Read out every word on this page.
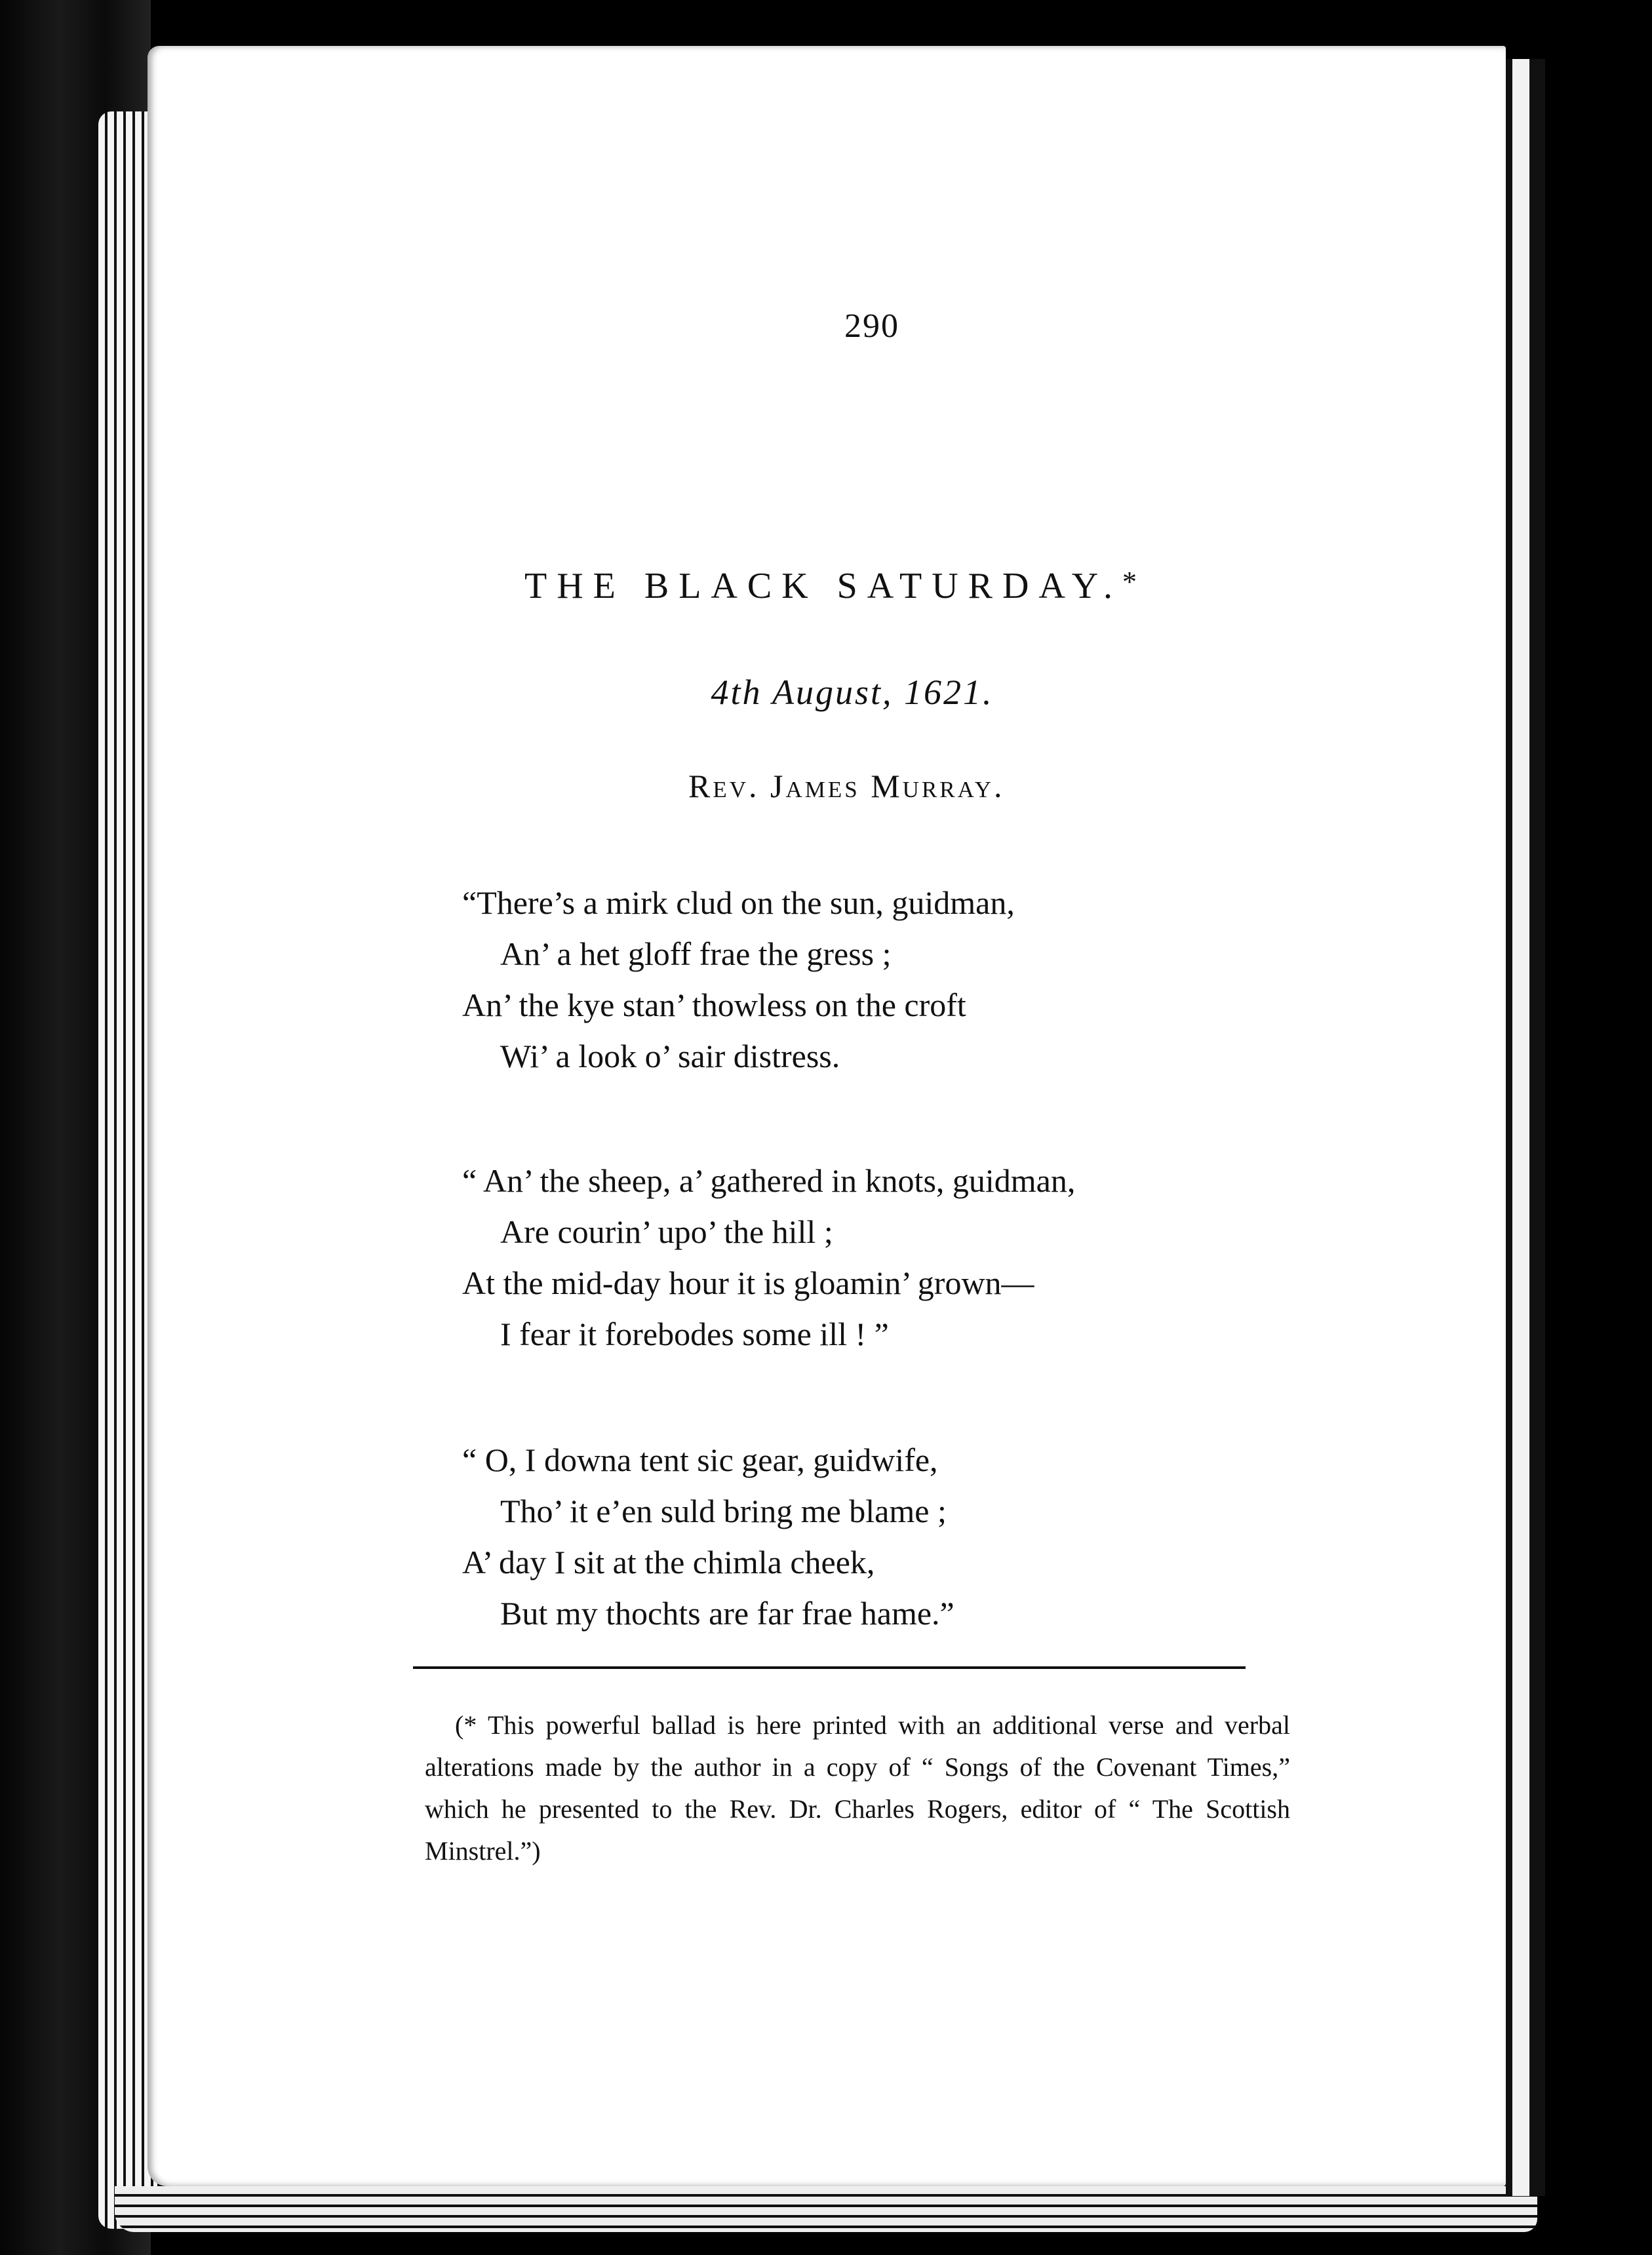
290
THE BLACK SATURDAY.*
4th August, 1621.
Rev. James Murray.
“There’s a mirk clud on the sun, guidman,
An’ a het gloff frae the gress ;
An’ the kye stan’ thowless on the croft
Wi’ a look o’ sair distress.
“ An’ the sheep, a’ gathered in knots, guidman,
Are courin’ upo’ the hill ;
At the mid-day hour it is gloamin’ grown—
I fear it forebodes some ill ! ”
“ O, I downa tent sic gear, guidwife,
Tho’ it e’en suld bring me blame ;
A’ day I sit at the chimla cheek,
But my thochts are far frae hame.”
(* This powerful ballad is here printed with an additional verse and verbal alterations made by the author in a copy of “ Songs of the Covenant Times,” which he presented to the Rev. Dr. Charles Rogers, editor of “ The Scottish Minstrel.”)
